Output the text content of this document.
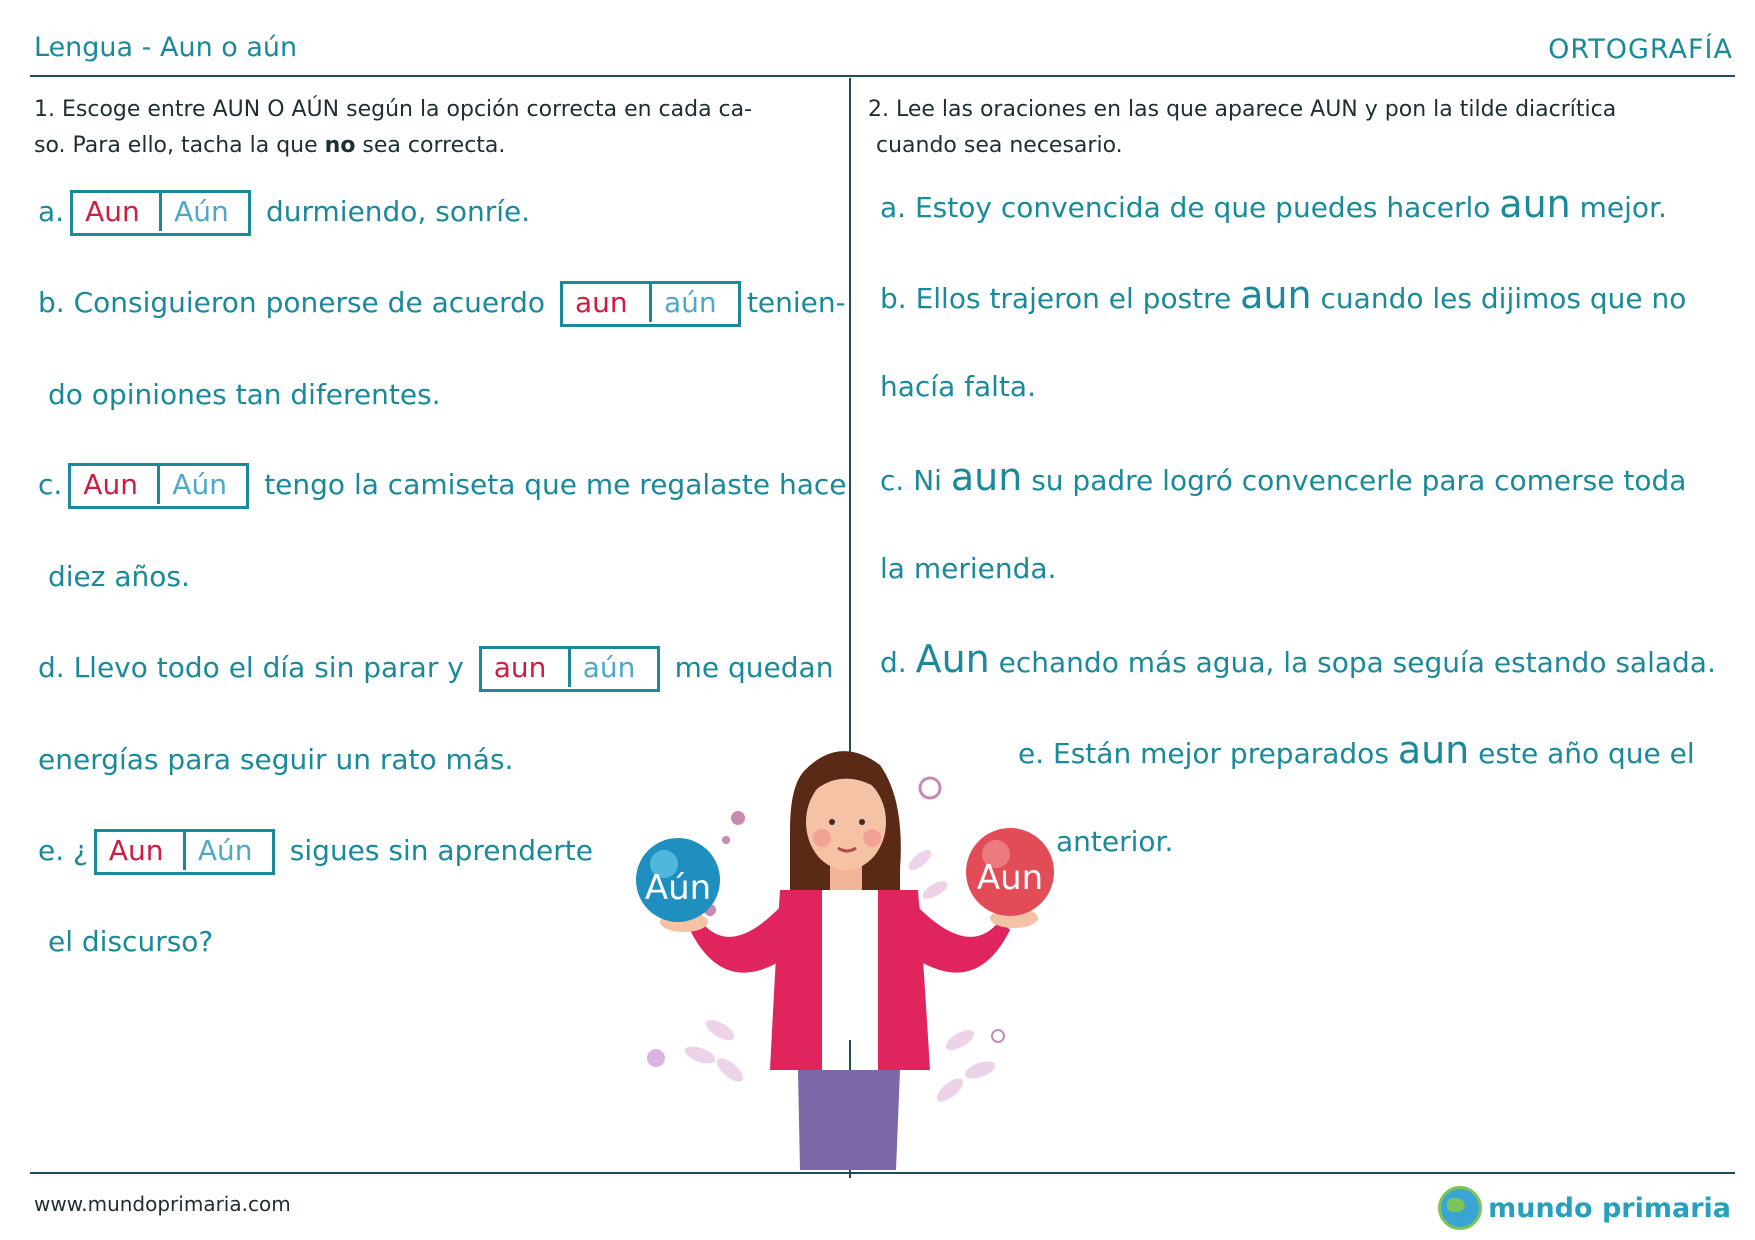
Lengua - Aun o aún	ORTOGRAFÍA
1. Escoge entre AUN O AÚN según la opción correcta en cada ca-
so. Para ello, tacha la que no sea correcta.
a. Aun Aún durmiendo, sonríe.
b. Consiguieron ponerse de acuerdo aun aún tenien-
do opiniones tan diferentes.
c. Aun Aún tengo la camiseta que me regalaste hace
diez años.
d. Llevo todo el día sin parar y aun aún me quedan
energías para seguir un rato más.
e. ¿ Aun Aún sigues sin aprenderte
el discurso?
2. Lee las oraciones en las que aparece AUN y pon la tilde diacrítica
cuando sea necesario.
a. Estoy convencida de que puedes hacerlo aun mejor.
b. Ellos trajeron el postre aun cuando les dijimos que no
hacía falta.
c. Ni aun su padre logró convencerle para comerse toda
la merienda.
d. Aun echando más agua, la sopa seguía estando salada.
e. Están mejor preparados aun este año que el
anterior.
Aún	Aun
www.mundoprimaria.com	mundo primaria
